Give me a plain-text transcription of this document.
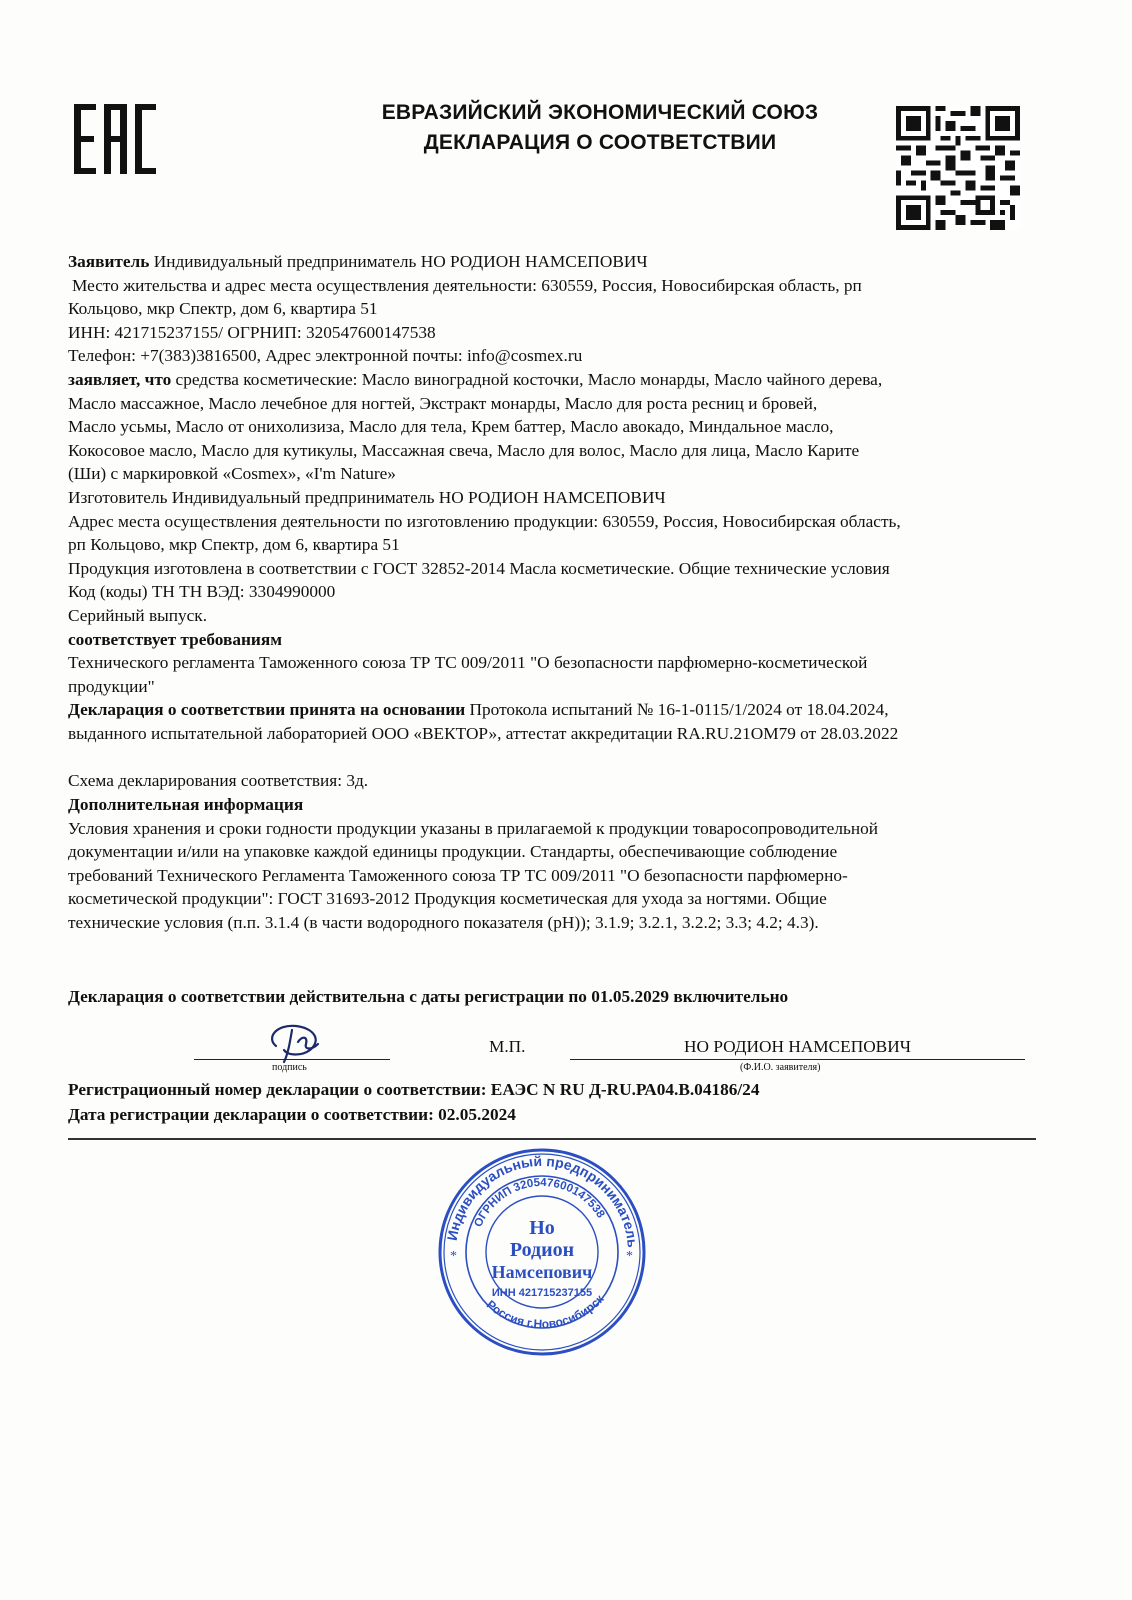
ЕВРАЗИЙСКИЙ ЭКОНОМИЧЕСКИЙ СОЮЗ
ДЕКЛАРАЦИЯ О СООТВЕТСТВИИ

Заявитель Индивидуальный предприниматель НО РОДИОН НАМСЕПОВИЧ

Место жительства и адрес места осуществления деятельности: 630559, Россия, Новосибирская область, рп

Кольцово, мкр Спектр, дом 6, квартира 51

ИНН: 421715237155/ ОГРНИП: 320547600147538

Телефон: +7(383)3816500, Адрес электронной почты: info@cosmex.ru

заявляет, что средства косметические: Масло виноградной косточки, Масло монарды, Масло чайного дерева,

Масло массажное, Масло лечебное для ногтей, Экстракт монарды, Масло для роста ресниц и бровей,

Масло усьмы, Масло от онихолизиза, Масло для тела, Крем баттер, Масло авокадо, Миндальное масло,

Кокосовое масло, Масло для кутикулы, Массажная свеча, Масло для волос, Масло для лица, Масло Карите

(Ши) с маркировкой «Cosmex», «I'm Nature»

Изготовитель Индивидуальный предприниматель НО РОДИОН НАМСЕПОВИЧ

Адрес места осуществления деятельности по изготовлению продукции: 630559, Россия, Новосибирская область,

рп Кольцово, мкр Спектр, дом 6, квартира 51

Продукция изготовлена в соответствии с ГОСТ 32852-2014 Масла косметические. Общие технические условия

Код (коды) ТН ТН ВЭД: 3304990000

Серийный выпуск.

соответствует требованиям

Технического регламента Таможенного союза ТР ТС 009/2011 "О безопасности парфюмерно-косметической

продукции"

Декларация о соответствии принята на основании Протокола испытаний № 16-1-0115/1/2024 от 18.04.2024,

выданного испытательной лабораторией ООО «ВЕКТОР», аттестат аккредитации RA.RU.21ОМ79 от 28.03.2022

Схема декларирования соответствия: 3д.

Дополнительная информация

Условия хранения и сроки годности продукции указаны в прилагаемой к продукции товаросопроводительной

документации и/или на упаковке каждой единицы продукции. Стандарты, обеспечивающие соблюдение

требований Технического Регламента Таможенного союза ТР ТС 009/2011 "О безопасности парфюмерно-

косметической продукции": ГОСТ 31693-2012 Продукция косметическая для ухода за ногтями. Общие

технические условия (п.п. 3.1.4 (в части водородного показателя (pH)); 3.1.9; 3.2.1, 3.2.2; 3.3; 4.2; 4.3).

Декларация о соответствии действительна с даты регистрации по 01.05.2029 включительно
подпись
М.П.	НО РОДИОН НАМСЕПОВИЧ
(Ф.И.О. заявителя)
Регистрационный номер декларации о соответствии: ЕАЭС N RU Д-RU.РА04.В.04186/24
Дата регистрации декларации о соответствии: 02.05.2024
Индивидуальный предприниматель
ОГРНИП 320547600147538
Россия г.Новосибирск
Но
Родион
Намсепович
ИНН 421715237155
*	*
